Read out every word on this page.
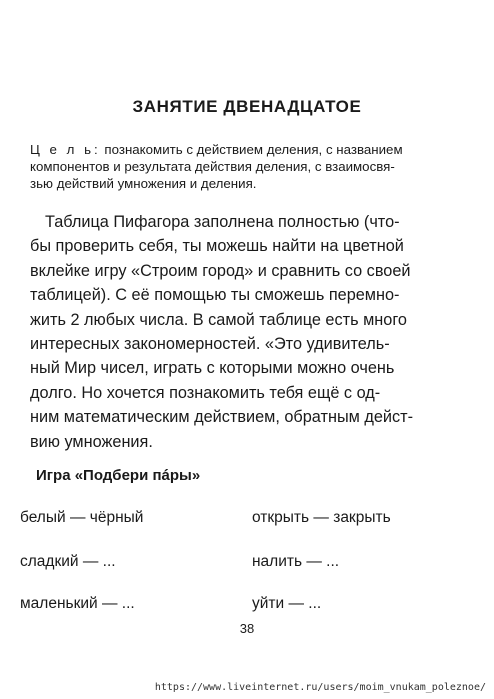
ЗАНЯТИЕ ДВЕНАДЦАТОЕ
Ц е л ь: познакомить с действием деления, с названием
компонентов и результата действия деления, с взаимосвя-
зью действий умножения и деления.
Таблица Пифагора заполнена полностью (что-
бы проверить себя, ты можешь найти на цветной
вклейке игру «Строим город» и сравнить со своей
таблицей). С её помощью ты сможешь перемно-
жить 2 любых числа. В самой таблице есть много
интересных закономерностей. «Это удивитель-
ный Мир чисел, играть с которыми можно очень
долго. Но хочется познакомить тебя ещё с од-
ним математическим действием, обратным дейст-
вию умножения.
Игра «Подбери пáры»
белый — чёрный
сладкий — ...
маленький — ...
открыть — закрыть
налить — ...
уйти — ...
38
https://www.liveinternet.ru/users/moim_vnukam_poleznoe/
